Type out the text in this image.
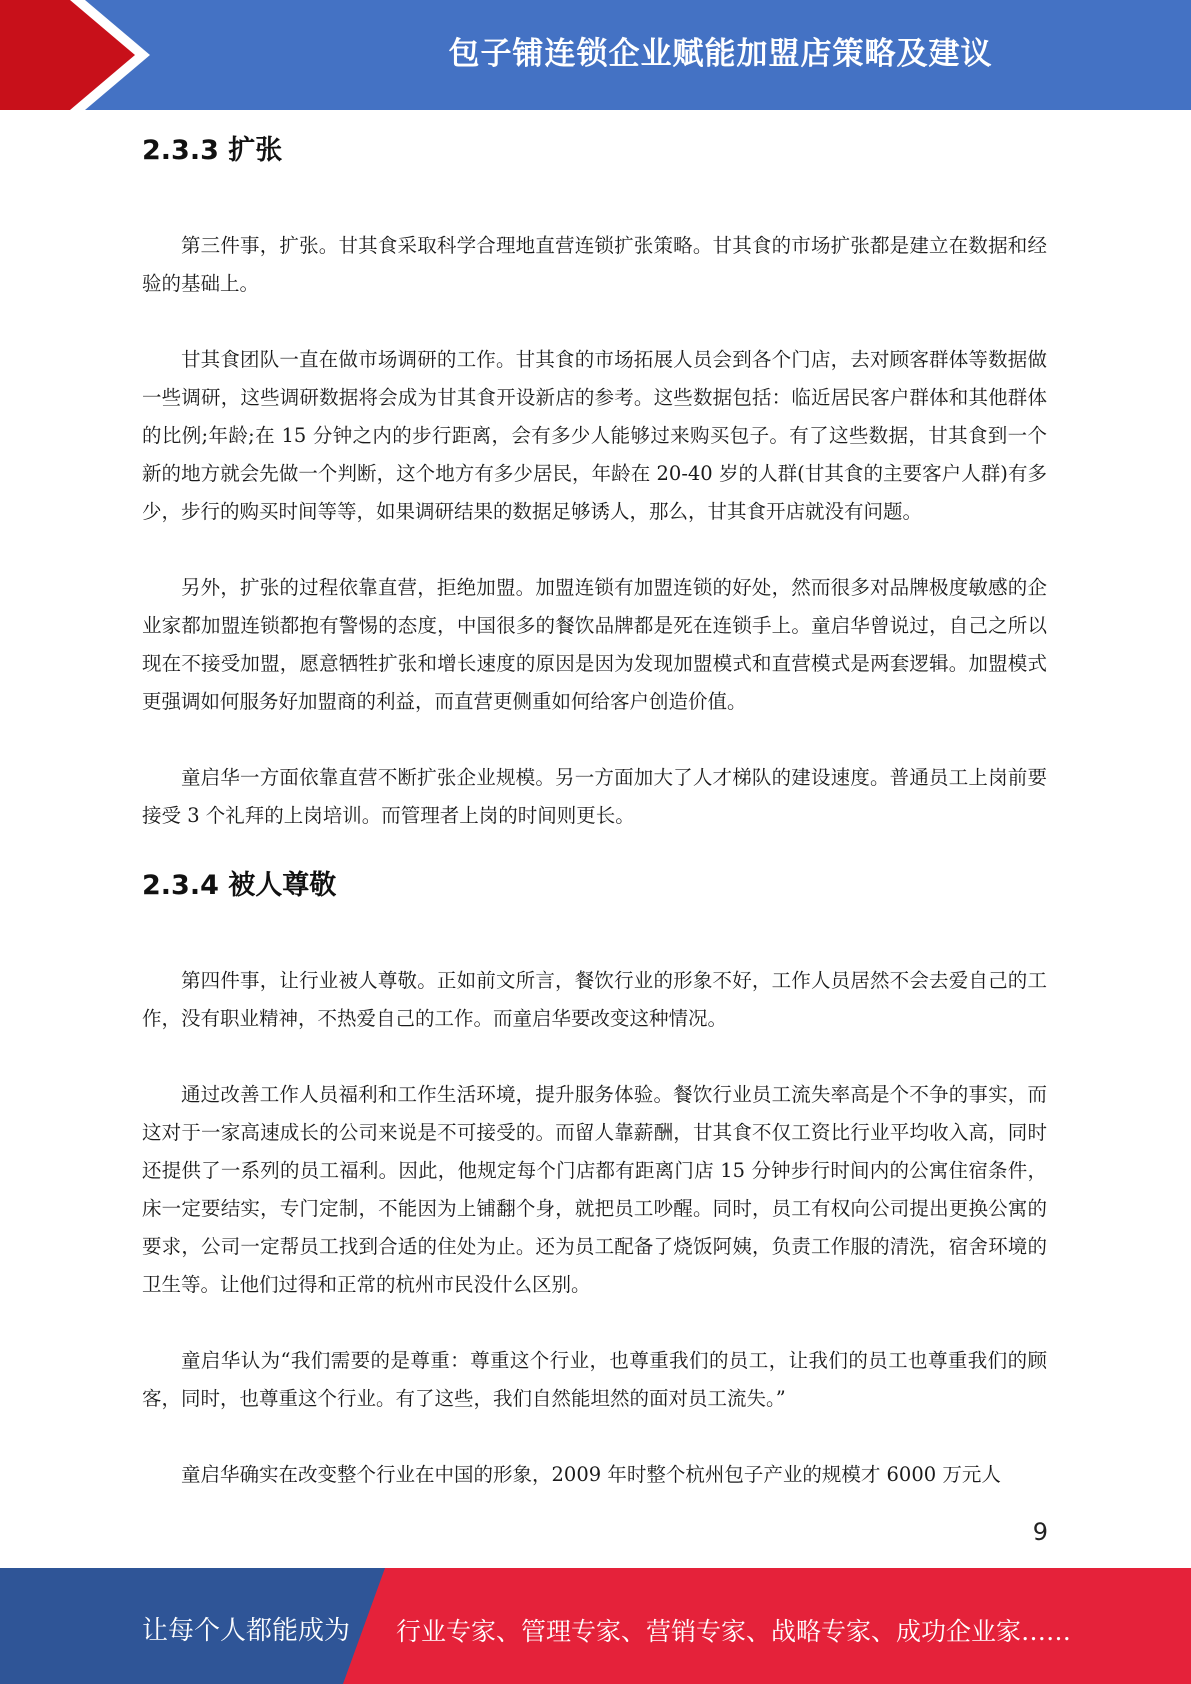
包子铺连锁企业赋能加盟店策略及建议
2.3.3 扩张

第三件事，扩张。甘其食采取科学合理地直营连锁扩张策略。甘其食的市场扩张都是建立在数据和经验的基础上。

甘其食团队一直在做市场调研的工作。甘其食的市场拓展人员会到各个门店，去对顾客群体等数据做一些调研，这些调研数据将会成为甘其食开设新店的参考。这些数据包括：临近居民客户群体和其他群体的比例;年龄;在 15 分钟之内的步行距离，会有多少人能够过来购买包子。有了这些数据，甘其食到一个新的地方就会先做一个判断，这个地方有多少居民，年龄在 20-40 岁的人群(甘其食的主要客户人群)有多少，步行的购买时间等等，如果调研结果的数据足够诱人，那么，甘其食开店就没有问题。

另外，扩张的过程依靠直营，拒绝加盟。加盟连锁有加盟连锁的好处，然而很多对品牌极度敏感的企业家都加盟连锁都抱有警惕的态度，中国很多的餐饮品牌都是死在连锁手上。童启华曾说过，自己之所以现在不接受加盟，愿意牺牲扩张和增长速度的原因是因为发现加盟模式和直营模式是两套逻辑。加盟模式更强调如何服务好加盟商的利益，而直营更侧重如何给客户创造价值。

童启华一方面依靠直营不断扩张企业规模。另一方面加大了人才梯队的建设速度。普通员工上岗前要接受 3 个礼拜的上岗培训。而管理者上岗的时间则更长。

2.3.4 被人尊敬

第四件事，让行业被人尊敬。正如前文所言，餐饮行业的形象不好，工作人员居然不会去爱自己的工作，没有职业精神，不热爱自己的工作。而童启华要改变这种情况。

通过改善工作人员福利和工作生活环境，提升服务体验。餐饮行业员工流失率高是个不争的事实，而这对于一家高速成长的公司来说是不可接受的。而留人靠薪酬，甘其食不仅工资比行业平均收入高，同时还提供了一系列的员工福利。因此，他规定每个门店都有距离门店 15 分钟步行时间内的公寓住宿条件，床一定要结实，专门定制，不能因为上铺翻个身，就把员工吵醒。同时，员工有权向公司提出更换公寓的要求，公司一定帮员工找到合适的住处为止。还为员工配备了烧饭阿姨，负责工作服的清洗，宿舍环境的卫生等。让他们过得和正常的杭州市民没什么区别。

童启华认为“我们需要的是尊重：尊重这个行业，也尊重我们的员工，让我们的员工也尊重我们的顾客，同时，也尊重这个行业。有了这些，我们自然能坦然的面对员工流失。”

童启华确实在改变整个行业在中国的形象，2009 年时整个杭州包子产业的规模才 6000 万元人

9
让每个人都能成为 行业专家、管理专家、营销专家、战略专家、成功企业家……
